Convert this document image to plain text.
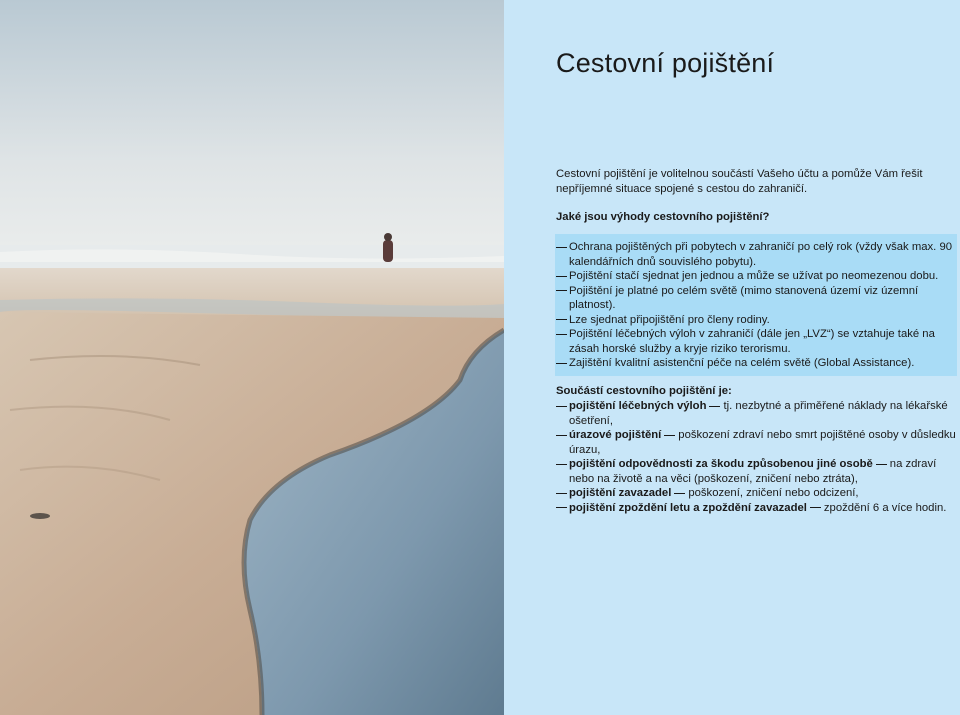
Cestovní pojištění
Cestovní pojištění je volitelnou součástí Vašeho účtu a pomůže Vám řešit nepříjemné situace spojené s cestou do zahraničí.
Jaké jsou výhody cestovního pojištění?
Ochrana pojištěných při pobytech v zahraničí po celý rok (vždy však max. 90 kalendářních dnů souvislého pobytu).
Pojištění stačí sjednat jen jednou a může se užívat po neomezenou dobu.
Pojištění je platné po celém světě (mimo stanovená území viz územní platnost).
Lze sjednat připojištění pro členy rodiny.
Pojištění léčebných výloh v zahraničí (dále jen „LVZ“) se vztahuje také na zásah horské služby a kryje riziko terorismu.
Zajištění kvalitní asistenční péče na celém světě (Global Assistance).
Součástí cestovního pojištění je:
pojištění léčebných výloh tj. nezbytné a přiměřené náklady na lékařské ošetření,
úrazové pojištění poškození zdraví nebo smrt pojištěné osoby v důsledku úrazu,
pojištění odpovědnosti za škodu způsobenou jiné osobě na zdraví nebo na životě a na věci (poškození, zničení nebo ztráta),
pojištění zavazadel poškození, zničení nebo odcizení,
pojištění zpoždění letu a zpoždění zavazadel zpoždění 6 a více hodin.
